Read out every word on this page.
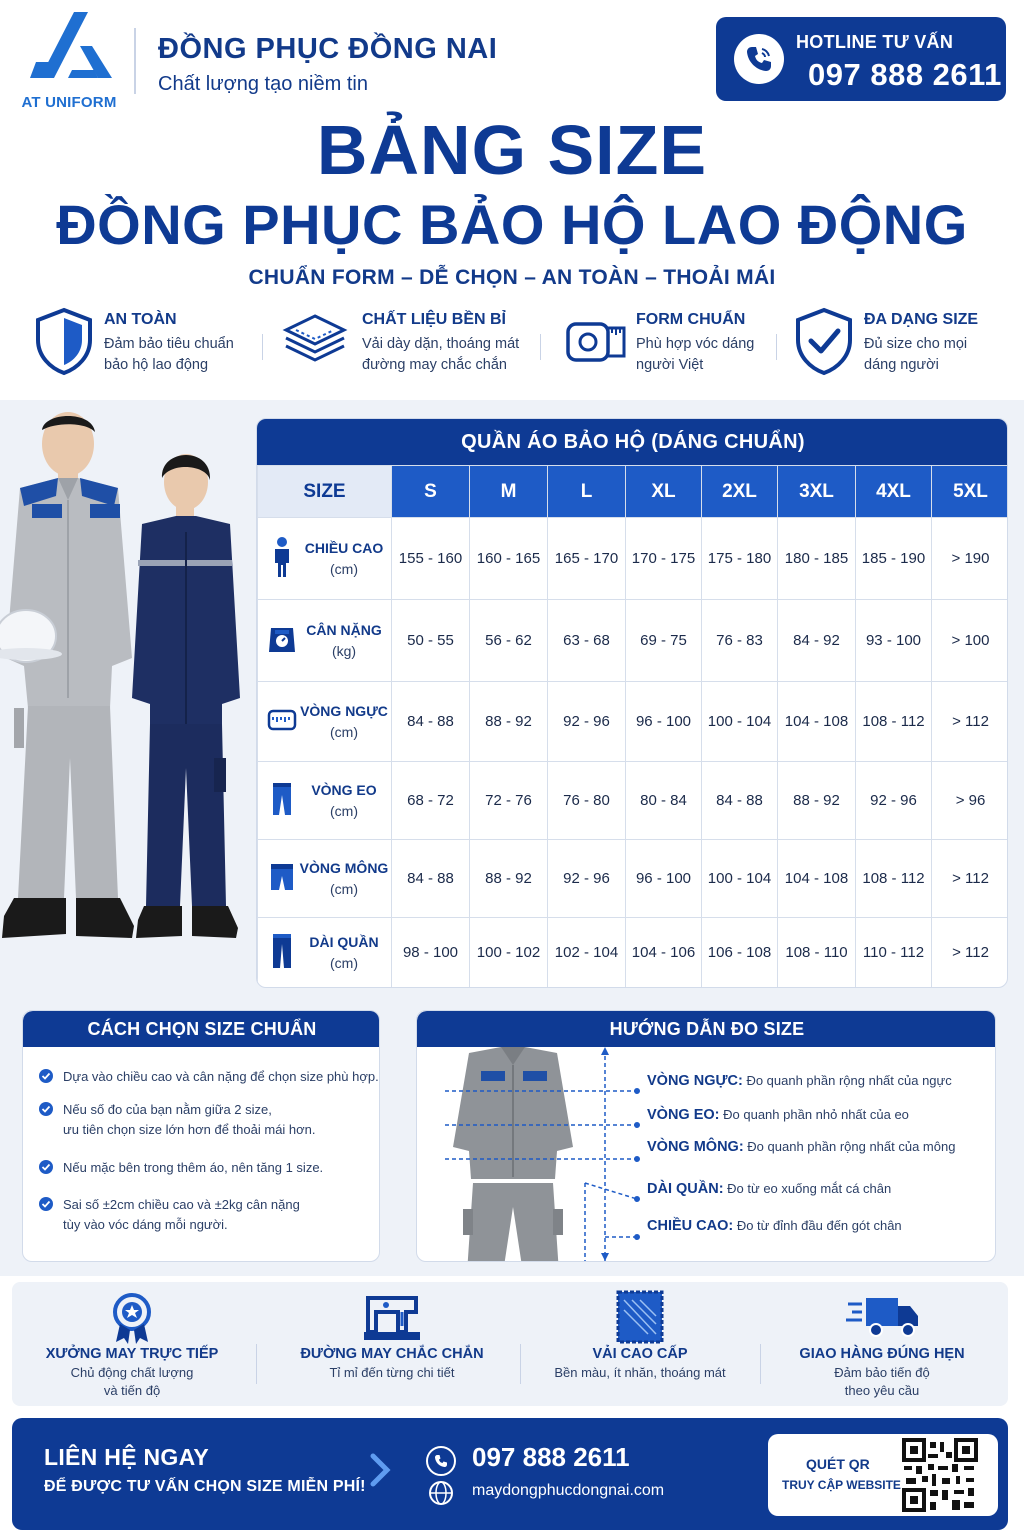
AT UNIFORM
ĐỒNG PHỤC ĐỒNG NAI
Chất lượng tạo niềm tin
HOTLINE TƯ VẤN
097 888 2611
BẢNG SIZE
ĐỒNG PHỤC BẢO HỘ LAO ĐỘNG
CHUẨN FORM – DỄ CHỌN – AN TOÀN – THOẢI MÁI
AN TOÀN
Đảm bảo tiêu chuẩn
bảo hộ lao động
CHẤT LIỆU BỀN BỈ
Vải dày dặn, thoáng mát
đường may chắc chắn
FORM CHUẨN
Phù hợp vóc dáng
người Việt
ĐA DẠNG SIZE
Đủ size cho mọi
dáng người
QUẦN ÁO BẢO HỘ (DÁNG CHUẨN)
SIZE	S	M	L	XL	2XL	3XL	4XL	5XL
CHIỀU CAO
(cm)	155 - 160	160 - 165	165 - 170	170 - 175	175 - 180	180 - 185	185 - 190	> 190
CÂN NẶNG
(kg)	50 - 55	56 - 62	63 - 68	69 - 75	76 - 83	84 - 92	93 - 100	> 100
VÒNG NGỰC
(cm)	84 - 88	88 - 92	92 - 96	96 - 100	100 - 104	104 - 108	108 - 112	> 112
VÒNG EO
(cm)	68 - 72	72 - 76	76 - 80	80 - 84	84 - 88	88 - 92	92 - 96	> 96
VÒNG MÔNG
(cm)	84 - 88	88 - 92	92 - 96	96 - 100	100 - 104	104 - 108	108 - 112	> 112
DÀI QUẦN
(cm)	98 - 100	100 - 102	102 - 104	104 - 106	106 - 108	108 - 110	110 - 112	> 112
CÁCH CHỌN SIZE CHUẨN
Dựa vào chiều cao và cân nặng để chọn size phù hợp.
Nếu số đo của bạn nằm giữa 2 size,
ưu tiên chọn size lớn hơn để thoải mái hơn.
Nếu mặc bên trong thêm áo, nên tăng 1 size.
Sai số ±2cm chiều cao và ±2kg cân nặng
tùy vào vóc dáng mỗi người.
HƯỚNG DẪN ĐO SIZE
VÒNG NGỰC: Đo quanh phần rộng nhất của ngực
VÒNG EO: Đo quanh phần nhỏ nhất của eo
VÒNG MÔNG: Đo quanh phần rộng nhất của mông
DÀI QUẦN: Đo từ eo xuống mắt cá chân
CHIỀU CAO: Đo từ đỉnh đầu đến gót chân
XƯỞNG MAY TRỰC TIẾP
Chủ động chất lượng
và tiến độ
ĐƯỜNG MAY CHẮC CHẮN
Tỉ mỉ đến từng chi tiết

VẢI CAO CẤP
Bền màu, ít nhăn, thoáng mát

GIAO HÀNG ĐÚNG HẸN
Đảm bảo tiến độ
theo yêu cầu
LIÊN HỆ NGAY
ĐỂ ĐƯỢC TƯ VẤN CHỌN SIZE MIỄN PHÍ!
097 888 2611
maydongphucdongnai.com
QUÉT QR
TRUY CẬP WEBSITE
